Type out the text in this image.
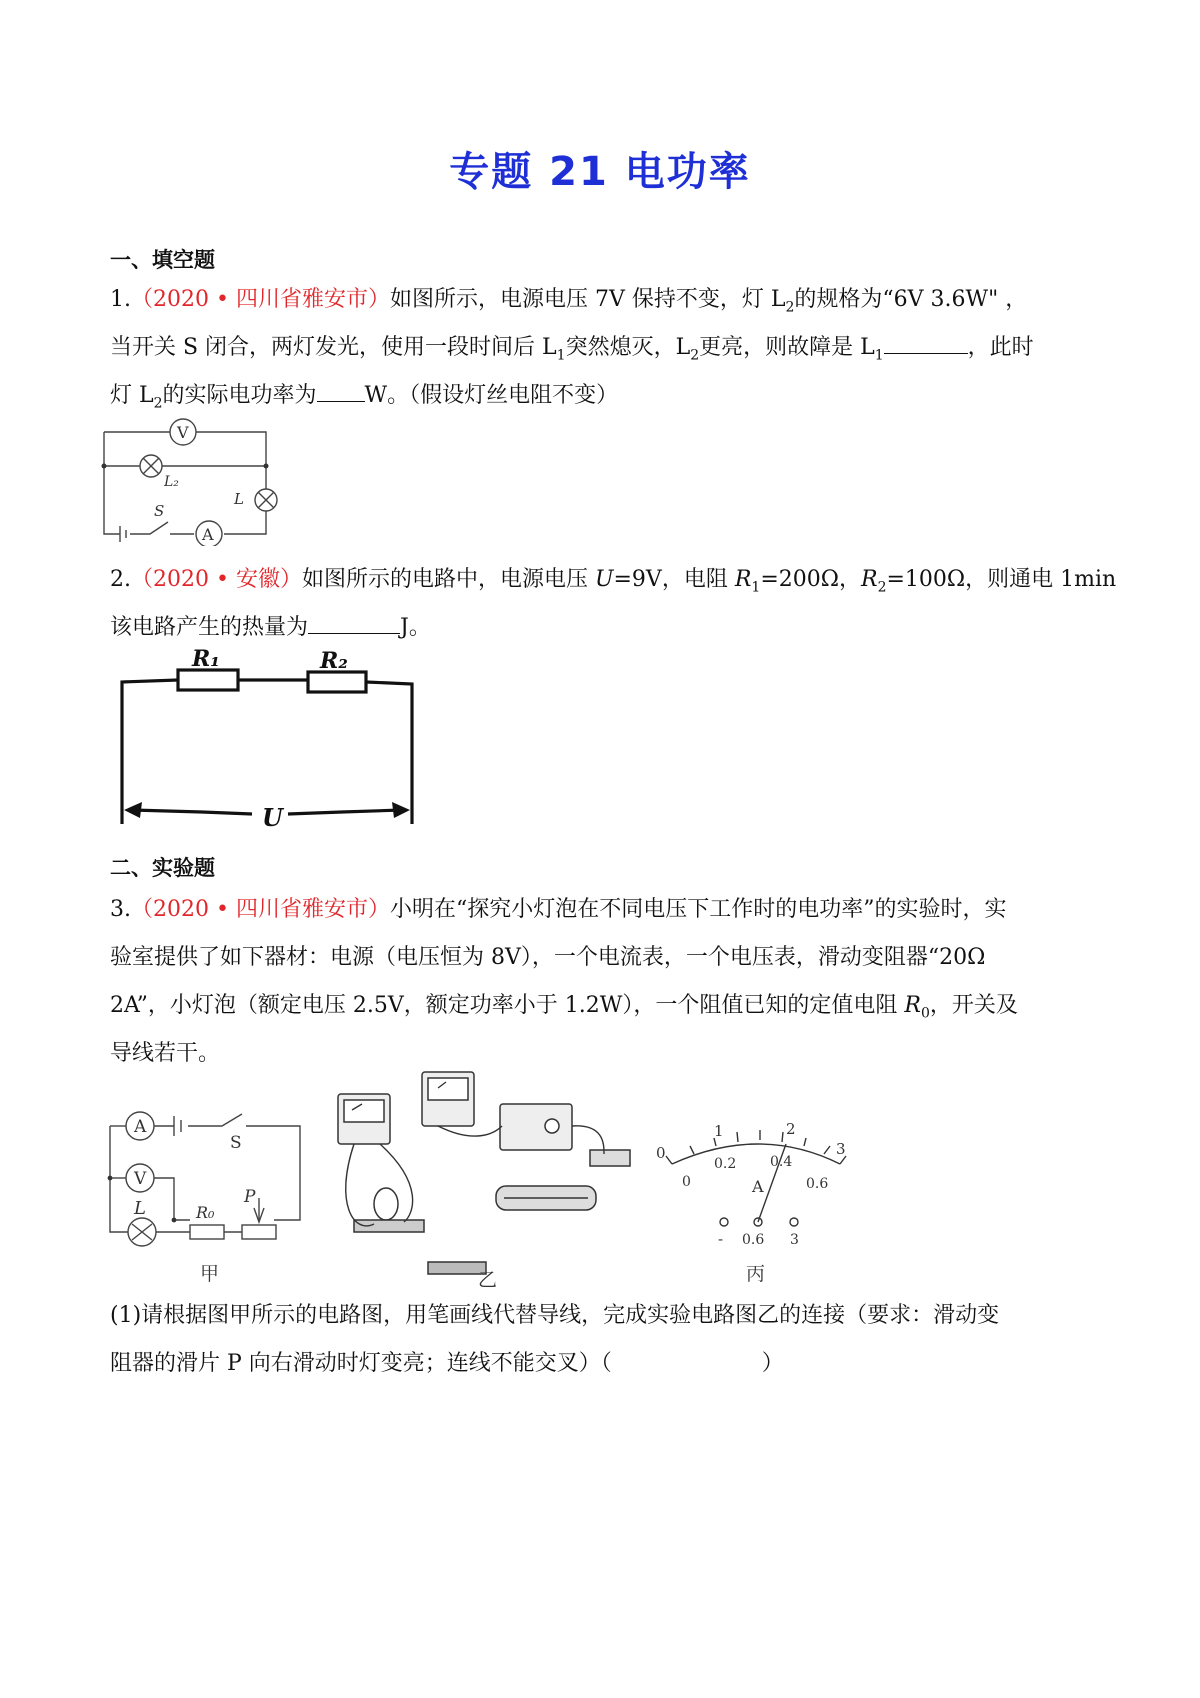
专题 21 电功率
一、填空题
1.（2020 • 四川省雅安市）如图所示，电源电压 7V 保持不变，灯 $L_2$的规格为“6V 3.6W" ，
当开关 S 闭合，两灯发光，使用一段时间后 $L_1$突然熄灭，$L_2$更亮，则故障是 $L_1$	，此时
灯 $L_2$的实际电功率为 W。（假设灯丝电阻不变）
V
A
S
L₂
L
2.（2020 • 安徽）如图所示的电路中，电源电压 U=9V，电阻 $R_1=200\Omega$，$R_2=100\Omega$，则通电 1min
该电路产生的热量为	J。
R₁	R₂
U
二、实验题
3.（2020 • 四川省雅安市）小明在“探究小灯泡在不同电压下工作时的电功率”的实验时，实
验室提供了如下器材：电源（电压恒为 8V），一个电流表，一个电压表，滑动变阻器“20Ω
2A”，小灯泡（额定电压 2.5V，额定功率小于 1.2W），一个阻值已知的定值电阻 $R_0$，开关及
导线若干。
A
V
S
L	R₀
P
甲	乙
0
1	2
3
0
0.2 0.4
0.6
A
- 0.6 3
丙
(1)请根据图甲所示的电路图，用笔画线代替导线，完成实验电路图乙的连接（要求：滑动变
阻器的滑片 P 向右滑动时灯变亮；连线不能交叉）（	）
